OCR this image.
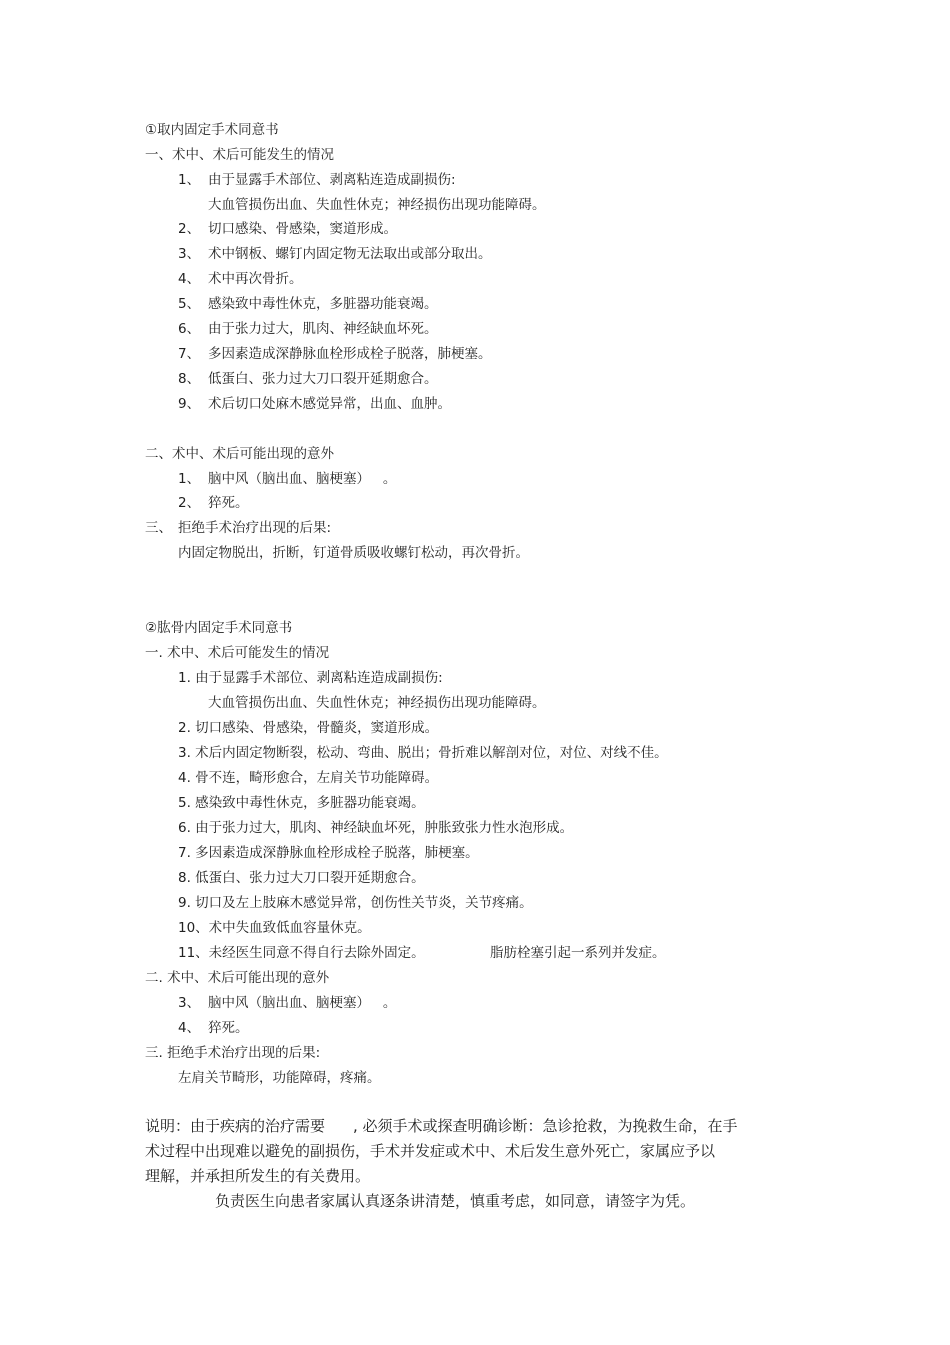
①取内固定手术同意书
一、术中、术后可能发生的情况
1、 由于显露手术部位、剥离粘连造成副损伤:
大血管损伤出血、失血性休克；神经损伤出现功能障碍。
2、 切口感染、骨感染，窦道形成。
3、 术中钢板、螺钉内固定物无法取出或部分取出。
4、 术中再次骨折。
5、 感染致中毒性休克，多脏器功能衰竭。
6、 由于张力过大，肌肉、神经缺血坏死。
7、 多因素造成深静脉血栓形成栓子脱落，肺梗塞。
8、 低蛋白、张力过大刀口裂开延期愈合。
9、 术后切口处麻木感觉异常，出血、血肿。
二、术中、术后可能出现的意外
1、 脑中风（脑出血、脑梗塞）   。
2、 猝死。
三、 拒绝手术治疗出现的后果:
内固定物脱出，折断，钉道骨质吸收螺钉松动，再次骨折。
②肱骨内固定手术同意书
一. 术中、术后可能发生的情况
1. 由于显露手术部位、剥离粘连造成副损伤:
大血管损伤出血、失血性休克；神经损伤出现功能障碍。
2. 切口感染、骨感染，骨髓炎，窦道形成。
3. 术后内固定物断裂，松动、弯曲、脱出；骨折难以解剖对位，对位、对线不佳。
4. 骨不连，畸形愈合，左肩关节功能障碍。
5. 感染致中毒性休克，多脏器功能衰竭。
6. 由于张力过大，肌肉、神经缺血坏死，肿胀致张力性水泡形成。
7. 多因素造成深静脉血栓形成栓子脱落，肺梗塞。
8. 低蛋白、张力过大刀口裂开延期愈合。
9. 切口及左上肢麻木感觉异常，创伤性关节炎，关节疼痛。
10、术中失血致低血容量休克。
11、未经医生同意不得自行去除外固定。	脂肪栓塞引起一系列并发症。
二. 术中、术后可能出现的意外
3、 脑中风（脑出血、脑梗塞）   。
4、 猝死。
三. 拒绝手术治疗出现的后果:
左肩关节畸形，功能障碍，疼痛。
说明：由于疾病的治疗需要 , 必须手术或探查明确诊断：急诊抢救，为挽救生命，在手
术过程中出现难以避免的副损伤，手术并发症或术中、术后发生意外死亡，家属应予以
理解，并承担所发生的有关费用。
负责医生向患者家属认真逐条讲清楚，慎重考虑，如同意，请签字为凭。
